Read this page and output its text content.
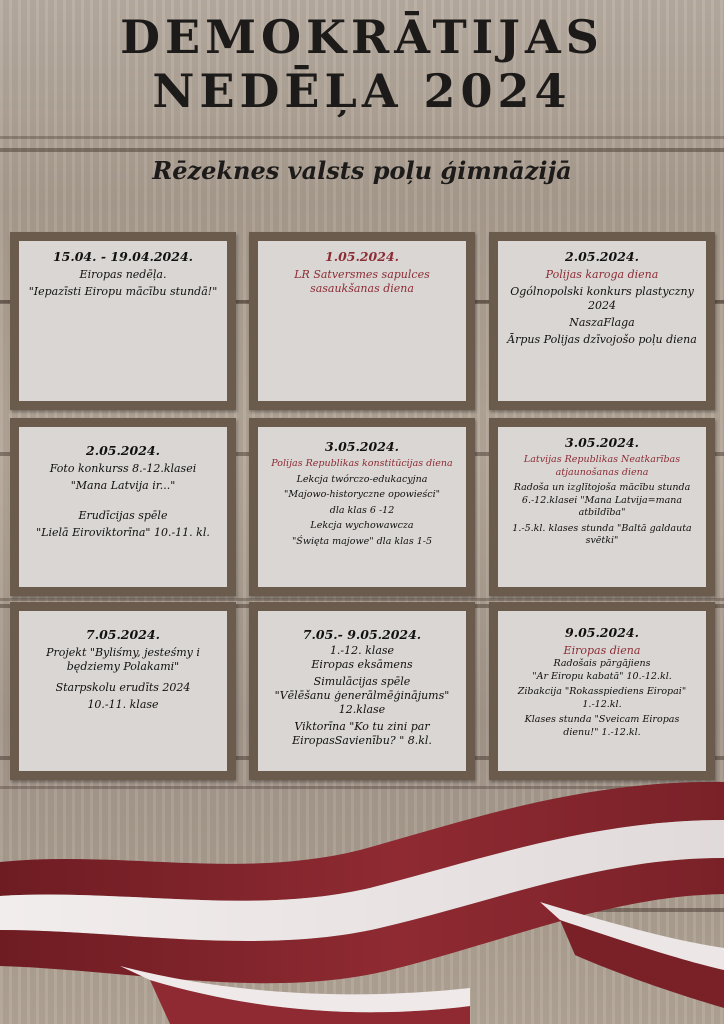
DEMOKRĀTIJAS
NEDĒĻA 2024
Rēzeknes valsts poļu ģimnāzijā
15.04. - 19.04.2024.
Eiropas nedēļa.
"Iepazīsti Eiropu mācību stundā!"
1.05.2024.
LR Satversmes sapulces sasaukšanas diena
2.05.2024.
Polijas karoga diena
Ogólnopolski konkurs plastyczny 2024
NaszaFlaga
Ārpus Polijas dzīvojošo poļu diena
2.05.2024.
Foto konkurss 8.-12.klasei
"Mana Latvija ir..."
Erudīcijas spēle
"Lielā Eiroviktorīna" 10.-11. kl.
3.05.2024.
Polijas Republikas konstitūcijas diena
Lekcja twórczo-edukacyjna
"Majowo-historyczne opowieści"
dla klas 6 -12
Lekcja wychowawcza
"Święta majowe" dla klas 1-5
3.05.2024.
Latvijas Republikas Neatkarības atjaunošanas diena
Radoša un izglītojoša mācību stunda 6.-12.klasei "Mana Latvija=mana atbildība"
1.-5.kl. klases stunda "Baltā galdauta svētki"
7.05.2024.
Projekt "Byliśmy, jesteśmy i będziemy Polakami"
Starpskolu erudīts 2024
10.-11. klase
7.05.- 9.05.2024.
1.-12. klase
Eiropas eksāmens
Simulācijas spēle
"Vēlēšanu ģenerālmēģinājums"
12.klase
Viktorīna "Ko tu zini par EiropasSavienību? " 8.kl.
9.05.2024.
Eiropas diena
Radošais pārgājiens
"Ar Eiropu kabatā" 10.-12.kl.
Zibakcija "Rokasspiediens Eiropai" 1.-12.kl.
Klases stunda "Sveicam Eiropas dienu!" 1.-12.kl.
